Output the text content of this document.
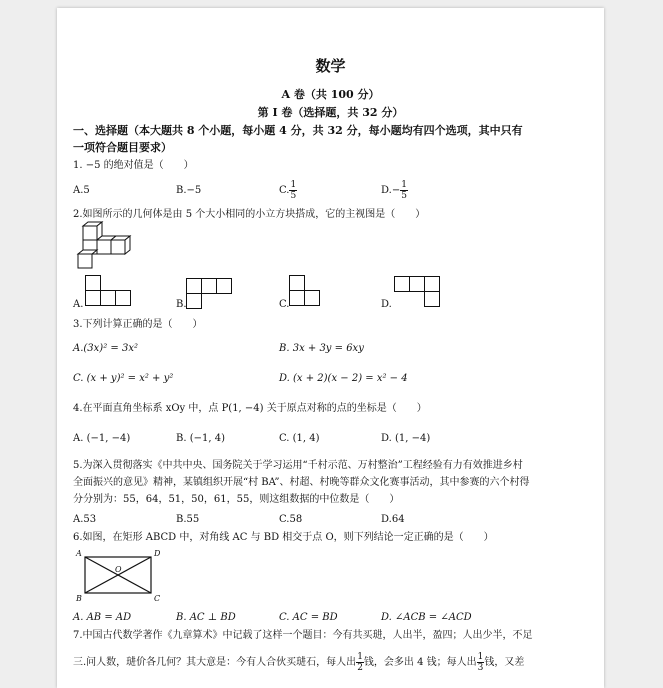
数学
A 卷（共 100 分）
第 I 卷（选择题，共 32 分）
一、选择题（本大题共 8 个小题，每小题 4 分，共 32 分，每小题均有四个选项，其中只有
一项符合题目要求）
1. −5 的绝对值是（　　）
A.5	B.−5	C. $\frac{1}{5}$	$D.- \frac{1}{5}$
2.如图所示的几何体是由 5 个大小相同的小立方块搭成，它的主视图是（　　）
A.	B.	C.	D.
3.下列计算正确的是（　　）
A.(3x)² = 3x²	B. 3x + 3y = 6xy
C. (x + y)² = x² + y²	D. (x + 2)(x − 2) = x² − 4
4.在平面直角坐标系 xOy 中，点 P(1, −4) 关于原点对称的点的坐标是（　　）
A. (−1, −4)	B. (−1, 4)	C. (1, 4)	D. (1, −4)
5.为深入贯彻落实《中共中央、国务院关于学习运用“千村示范、万村整治”工程经验有力有效推进乡村
全面振兴的意见》精神，某镇组织开展“村 BA”、村超、村晚等群众文化赛事活动，其中参赛的六个村得
分分别为：55，64，51，50，61，55，则这组数据的中位数是（　　）
A.53	B.55	C.58	D.64
6.如图，在矩形 ABCD 中，对角线 AC 与 BD 相交于点 O，则下列结论一定正确的是（　　）
A	D
B	C
O
A. AB = AD	B. AC ⊥ BD	C. AC = BD	D. ∠ACB = ∠ACD
7.中国古代数学著作《九章算术》中记载了这样一个题目：今有共买琎，人出半，盈四；人出少半，不足
三.问人数，琎价各几何？其大意是：今有人合伙买琎石，每人出 $\frac{1}{2}$ 钱，会多出 4 钱；每人出 $\frac{1}{3}$ 钱，又差
